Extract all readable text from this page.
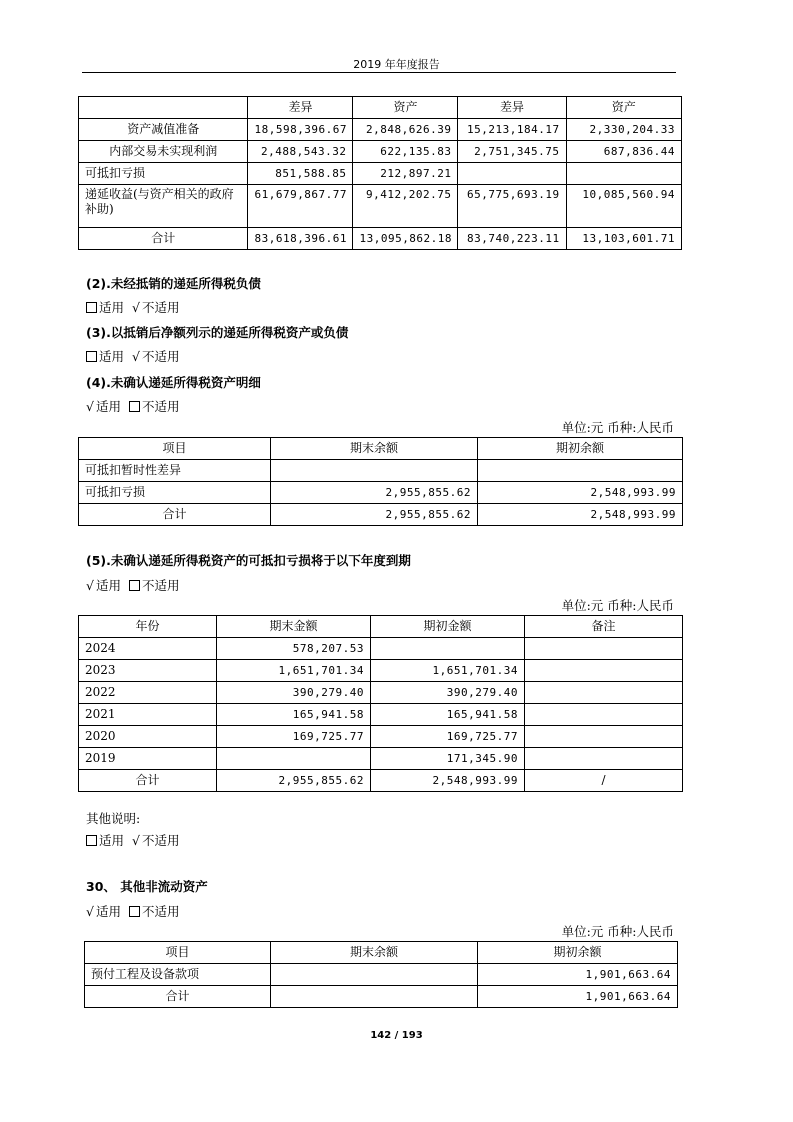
2019 年年度报告
	差异	资产	差异	资产
资产减值准备	18,598,396.67	2,848,626.39	15,213,184.17	2,330,204.33
内部交易未实现利润	2,488,543.32	622,135.83	2,751,345.75	687,836.44
可抵扣亏损	851,588.85	212,897.21		
递延收益(与资产相关的政府补助)	61,679,867.77	9,412,202.75	65,775,693.19	10,085,560.94
合计	83,618,396.61	13,095,862.18	83,740,223.11	13,103,601.71
(2).未经抵销的递延所得税负债
适用 √ 不适用
(3).以抵销后净额列示的递延所得税资产或负债
适用 √ 不适用
(4).未确认递延所得税资产明细
√ 适用 不适用
单位:元 币种:人民币
项目	期末余额	期初余额
可抵扣暂时性差异		
可抵扣亏损	2,955,855.62	2,548,993.99
合计	2,955,855.62	2,548,993.99
(5).未确认递延所得税资产的可抵扣亏损将于以下年度到期
√ 适用 不适用
单位:元 币种:人民币
年份	期末金额	期初金额	备注
2024	578,207.53		
2023	1,651,701.34	1,651,701.34	
2022	390,279.40	390,279.40	
2021	165,941.58	165,941.58	
2020	169,725.77	169,725.77	
2019		171,345.90	
合计	2,955,855.62	2,548,993.99	/
其他说明:
适用 √ 不适用
30、 其他非流动资产
√ 适用 不适用
单位:元 币种:人民币
项目	期末余额	期初余额
预付工程及设备款项		1,901,663.64
合计		1,901,663.64
142 / 193
